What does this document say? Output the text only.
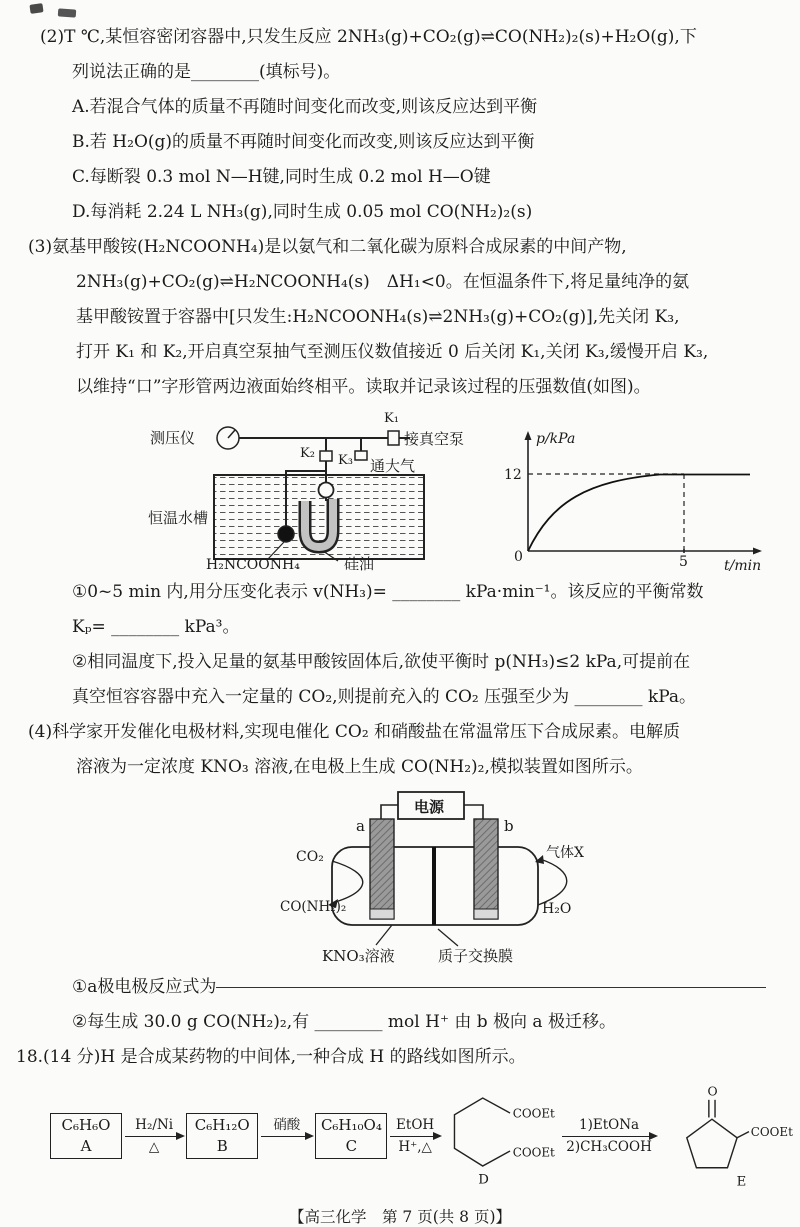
(2)T ℃,某恒容密闭容器中,只发生反应 2NH₃(g)+CO₂(g)⇌CO(NH₂)₂(s)+H₂O(g),下
列说法正确的是________(填标号)。
A.若混合气体的质量不再随时间变化而改变,则该反应达到平衡
B.若 H₂O(g)的质量不再随时间变化而改变,则该反应达到平衡
C.每断裂 0.3 mol N—H键,同时生成 0.2 mol H—O键
D.每消耗 2.24 L NH₃(g),同时生成 0.05 mol CO(NH₂)₂(s)
(3)氨基甲酸铵(H₂NCOONH₄)是以氨气和二氧化碳为原料合成尿素的中间产物,
2NH₃(g)+CO₂(g)⇌H₂NCOONH₄(s)　ΔH₁<0。在恒温条件下,将足量纯净的氨
基甲酸铵置于容器中[只发生:H₂NCOONH₄(s)⇌2NH₃(g)+CO₂(g)],先关闭 K₃,
打开 K₁ 和 K₂,开启真空泵抽气至测压仪数值接近 0 后关闭 K₁,关闭 K₃,缓慢开启 K₃,
以维持“口”字形管两边液面始终相平。读取并记录该过程的压强数值(如图)。
测压仪
K₁
接真空泵
K₂ K₃ 通大气
恒温水槽
H₂NCOONH₄	硅油
p/kPa
t/min
0
12
5
①0~5 min 内,用分压变化表示 v(NH₃)= ________ kPa·min⁻¹。该反应的平衡常数
Kₚ= ________ kPa³。
②相同温度下,投入足量的氨基甲酸铵固体后,欲使平衡时 p(NH₃)≤2 kPa,可提前在
真空恒容容器中充入一定量的 CO₂,则提前充入的 CO₂ 压强至少为 ________ kPa。
(4)科学家开发催化电极材料,实现电催化 CO₂ 和硝酸盐在常温常压下合成尿素。电解质
溶液为一定浓度 KNO₃ 溶液,在电极上生成 CO(NH₂)₂,模拟装置如图所示。
电源
a	b
CO₂
CO(NH₂)₂
气体X
H₂O
KNO₃溶液	质子交换膜
①a极电极反应式为
②每生成 30.0 g CO(NH₂)₂,有 ________ mol H⁺ 由 b 极向 a 极迁移。
18.(14 分)H 是合成某药物的中间体,一种合成 H 的路线如图所示。
C₆H₆O
A
H₂/Ni
△
C₆H₁₂O
B
硝酸
C₆H₁₀O₄
C
EtOH
H⁺,△
COOEt
COOEt
D
1)EtONa
2)CH₃COOH
O
COOEt
E
【高三化学　第 7 页(共 8 页)】
